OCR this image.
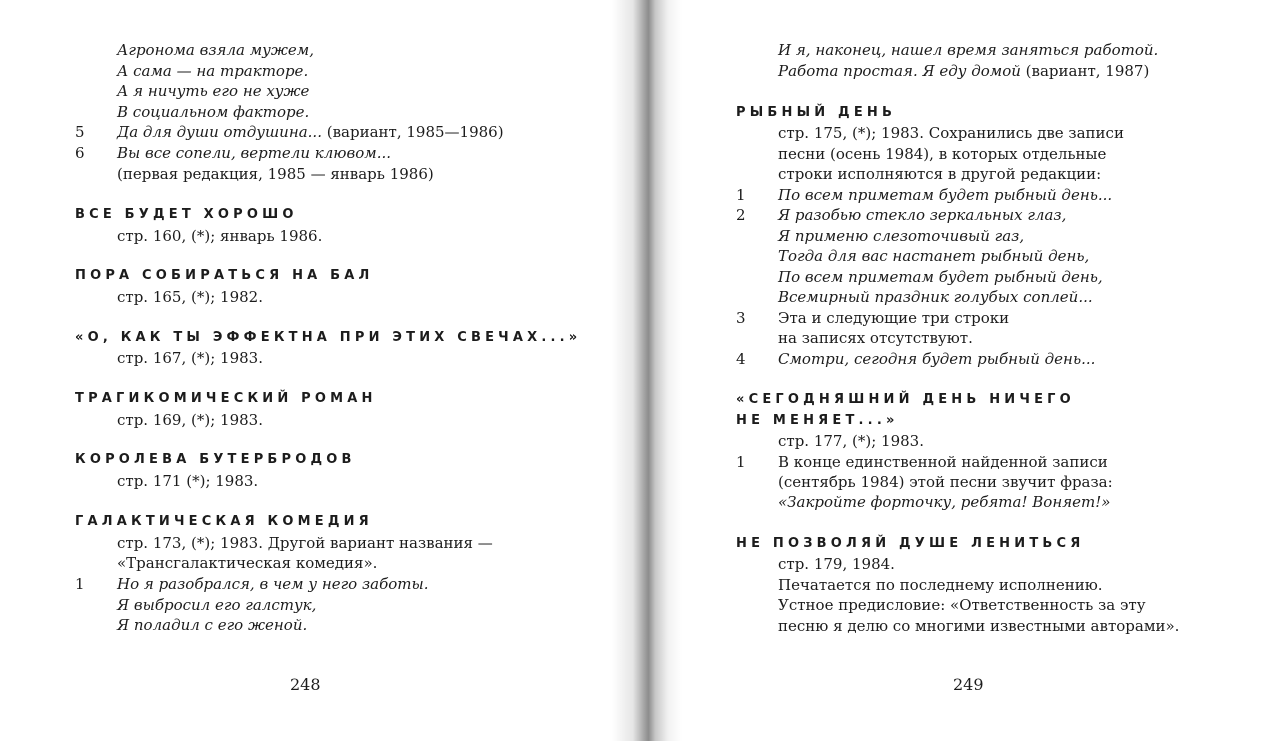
Агрономa взяла мужем,
А сама — на тракторе.
А я ничуть его не хуже
В социальном факторе.
5 Да для души отдушина... (вариант, 1985—1986)
6 Вы все сопели, вертели клювом...
(первая редакция, 1985 — январь 1986)
ВСЕ БУДЕТ ХОРОШО
стр. 160, (*); январь 1986.
ПОРА СОБИРАТЬСЯ НА БАЛ
стр. 165, (*); 1982.
«О, КАК ТЫ ЭФФЕКТНА ПРИ ЭТИХ СВЕЧАХ...»
стр. 167, (*); 1983.
ТРАГИКОМИЧЕСКИЙ РОМАН
стр. 169, (*); 1983.
КОРОЛЕВА БУТЕРБРОДОВ
стр. 171 (*); 1983.
ГАЛАКТИЧЕСКАЯ КОМЕДИЯ
стр. 173, (*); 1983. Другой вариант названия —
«Трансгалактическая комедия».
1 Но я разобрался, в чем у него заботы.
Я выбросил его галстук,
Я поладил с его женой.
248
И я, наконец, нашел время заняться работой.
Работа простая. Я еду домой (вариант, 1987)
РЫБНЫЙ ДЕНЬ
стр. 175, (*); 1983. Сохранились две записи
песни (осень 1984), в которых отдельные
строки исполняются в другой редакции:
1 По всем приметам будет рыбный день...
2 Я разобью стекло зеркальных глаз,
Я применю слезоточивый газ,
Тогда для вас настанет рыбный день,
По всем приметам будет рыбный день,
Всемирный праздник голубых соплей...
3 Эта и следующие три строки
на записях отсутствуют.
4 Смотри, сегодня будет рыбный день...
«СЕГОДНЯШНИЙ ДЕНЬ НИЧЕГО
НЕ МЕНЯЕТ...»
стр. 177, (*); 1983.
1 В конце единственной найденной записи
(сентябрь 1984) этой песни звучит фраза:
«Закройте форточку, ребята! Воняет!»
НЕ ПОЗВОЛЯЙ ДУШЕ ЛЕНИТЬСЯ
стр. 179, 1984.
Печатается по последнему исполнению.
Устное предисловие: «Ответственность за эту
песню я делю со многими известными авторами».
249
